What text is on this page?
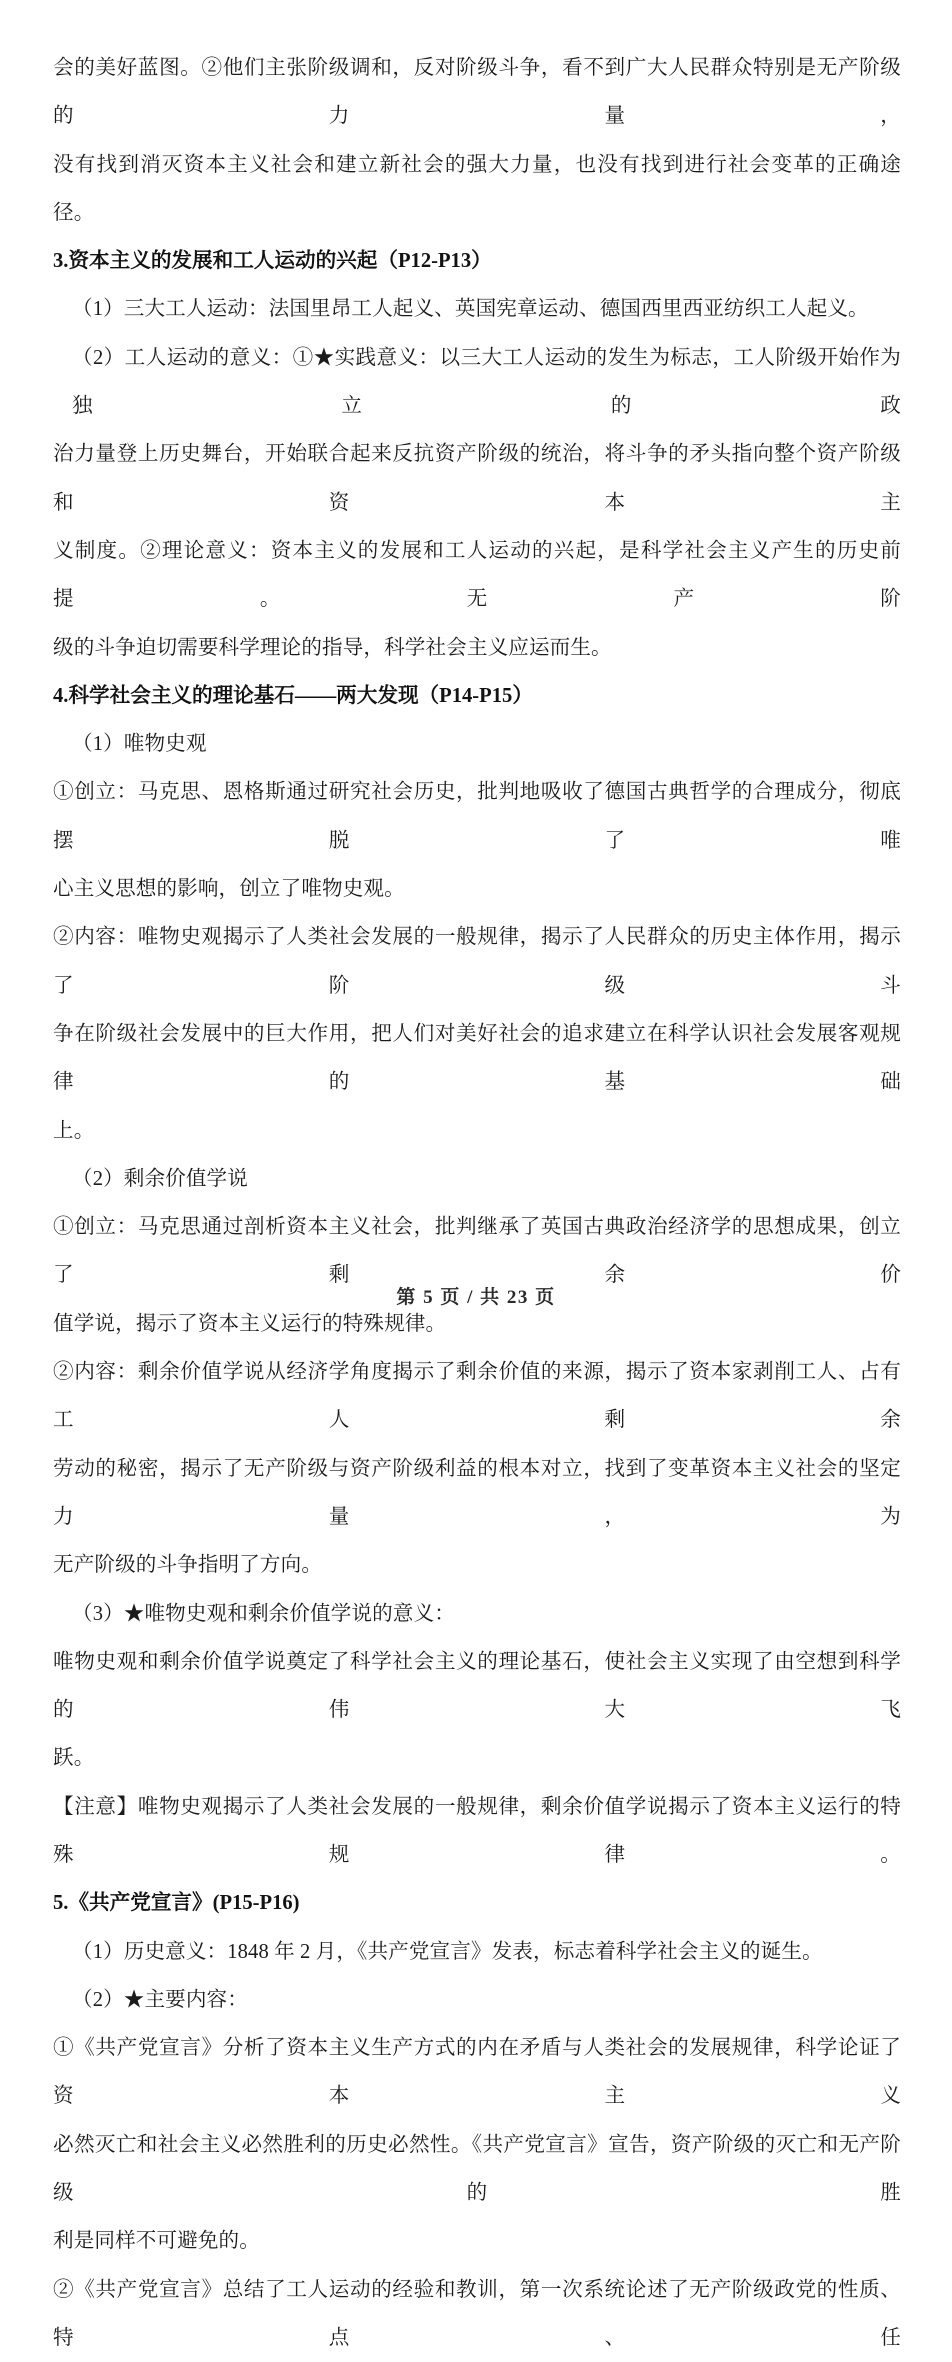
会的美好蓝图。②他们主张阶级调和，反对阶级斗争，看不到广大人民群众特别是无产阶级的力量，
没有找到消灭资本主义社会和建立新社会的强大力量，也没有找到进行社会变革的正确途径。
3.资本主义的发展和工人运动的兴起（P12-P13）
（1）三大工人运动：法国里昂工人起义、英国宪章运动、德国西里西亚纺织工人起义。
（2）工人运动的意义：①★实践意义：以三大工人运动的发生为标志，工人阶级开始作为独立的政
治力量登上历史舞台，开始联合起来反抗资产阶级的统治，将斗争的矛头指向整个资产阶级和资本主
义制度。②理论意义：资本主义的发展和工人运动的兴起，是科学社会主义产生的历史前提。无产阶
级的斗争迫切需要科学理论的指导，科学社会主义应运而生。
4.科学社会主义的理论基石——两大发现（P14-P15）
（1）唯物史观
①创立：马克思、恩格斯通过研究社会历史，批判地吸收了德国古典哲学的合理成分，彻底摆脱了唯
心主义思想的影响，创立了唯物史观。
②内容：唯物史观揭示了人类社会发展的一般规律，揭示了人民群众的历史主体作用，揭示了阶级斗
争在阶级社会发展中的巨大作用，把人们对美好社会的追求建立在科学认识社会发展客观规律的基础
上。
（2）剩余价值学说
①创立：马克思通过剖析资本主义社会，批判继承了英国古典政治经济学的思想成果，创立了剩余价
值学说，揭示了资本主义运行的特殊规律。
②内容：剩余价值学说从经济学角度揭示了剩余价值的来源，揭示了资本家剥削工人、占有工人剩余
劳动的秘密，揭示了无产阶级与资产阶级利益的根本对立，找到了变革资本主义社会的坚定力量，为
无产阶级的斗争指明了方向。
（3）★唯物史观和剩余价值学说的意义：
唯物史观和剩余价值学说奠定了科学社会主义的理论基石，使社会主义实现了由空想到科学的伟大飞
跃。
【注意】唯物史观揭示了人类社会发展的一般规律，剩余价值学说揭示了资本主义运行的特殊规律。
5.《共产党宣言》(P15-P16)
（1）历史意义：1848 年 2 月，《共产党宣言》发表，标志着科学社会主义的诞生。
（2）★主要内容：
①《共产党宣言》分析了资本主义生产方式的内在矛盾与人类社会的发展规律，科学论证了资本主义
必然灭亡和社会主义必然胜利的历史必然性。《共产党宣言》宣告，资产阶级的灭亡和无产阶级的胜
利是同样不可避免的。
②《共产党宣言》总结了工人运动的经验和教训，第一次系统论述了无产阶级政党的性质、特点、任
第 5 页 / 共 23 页
